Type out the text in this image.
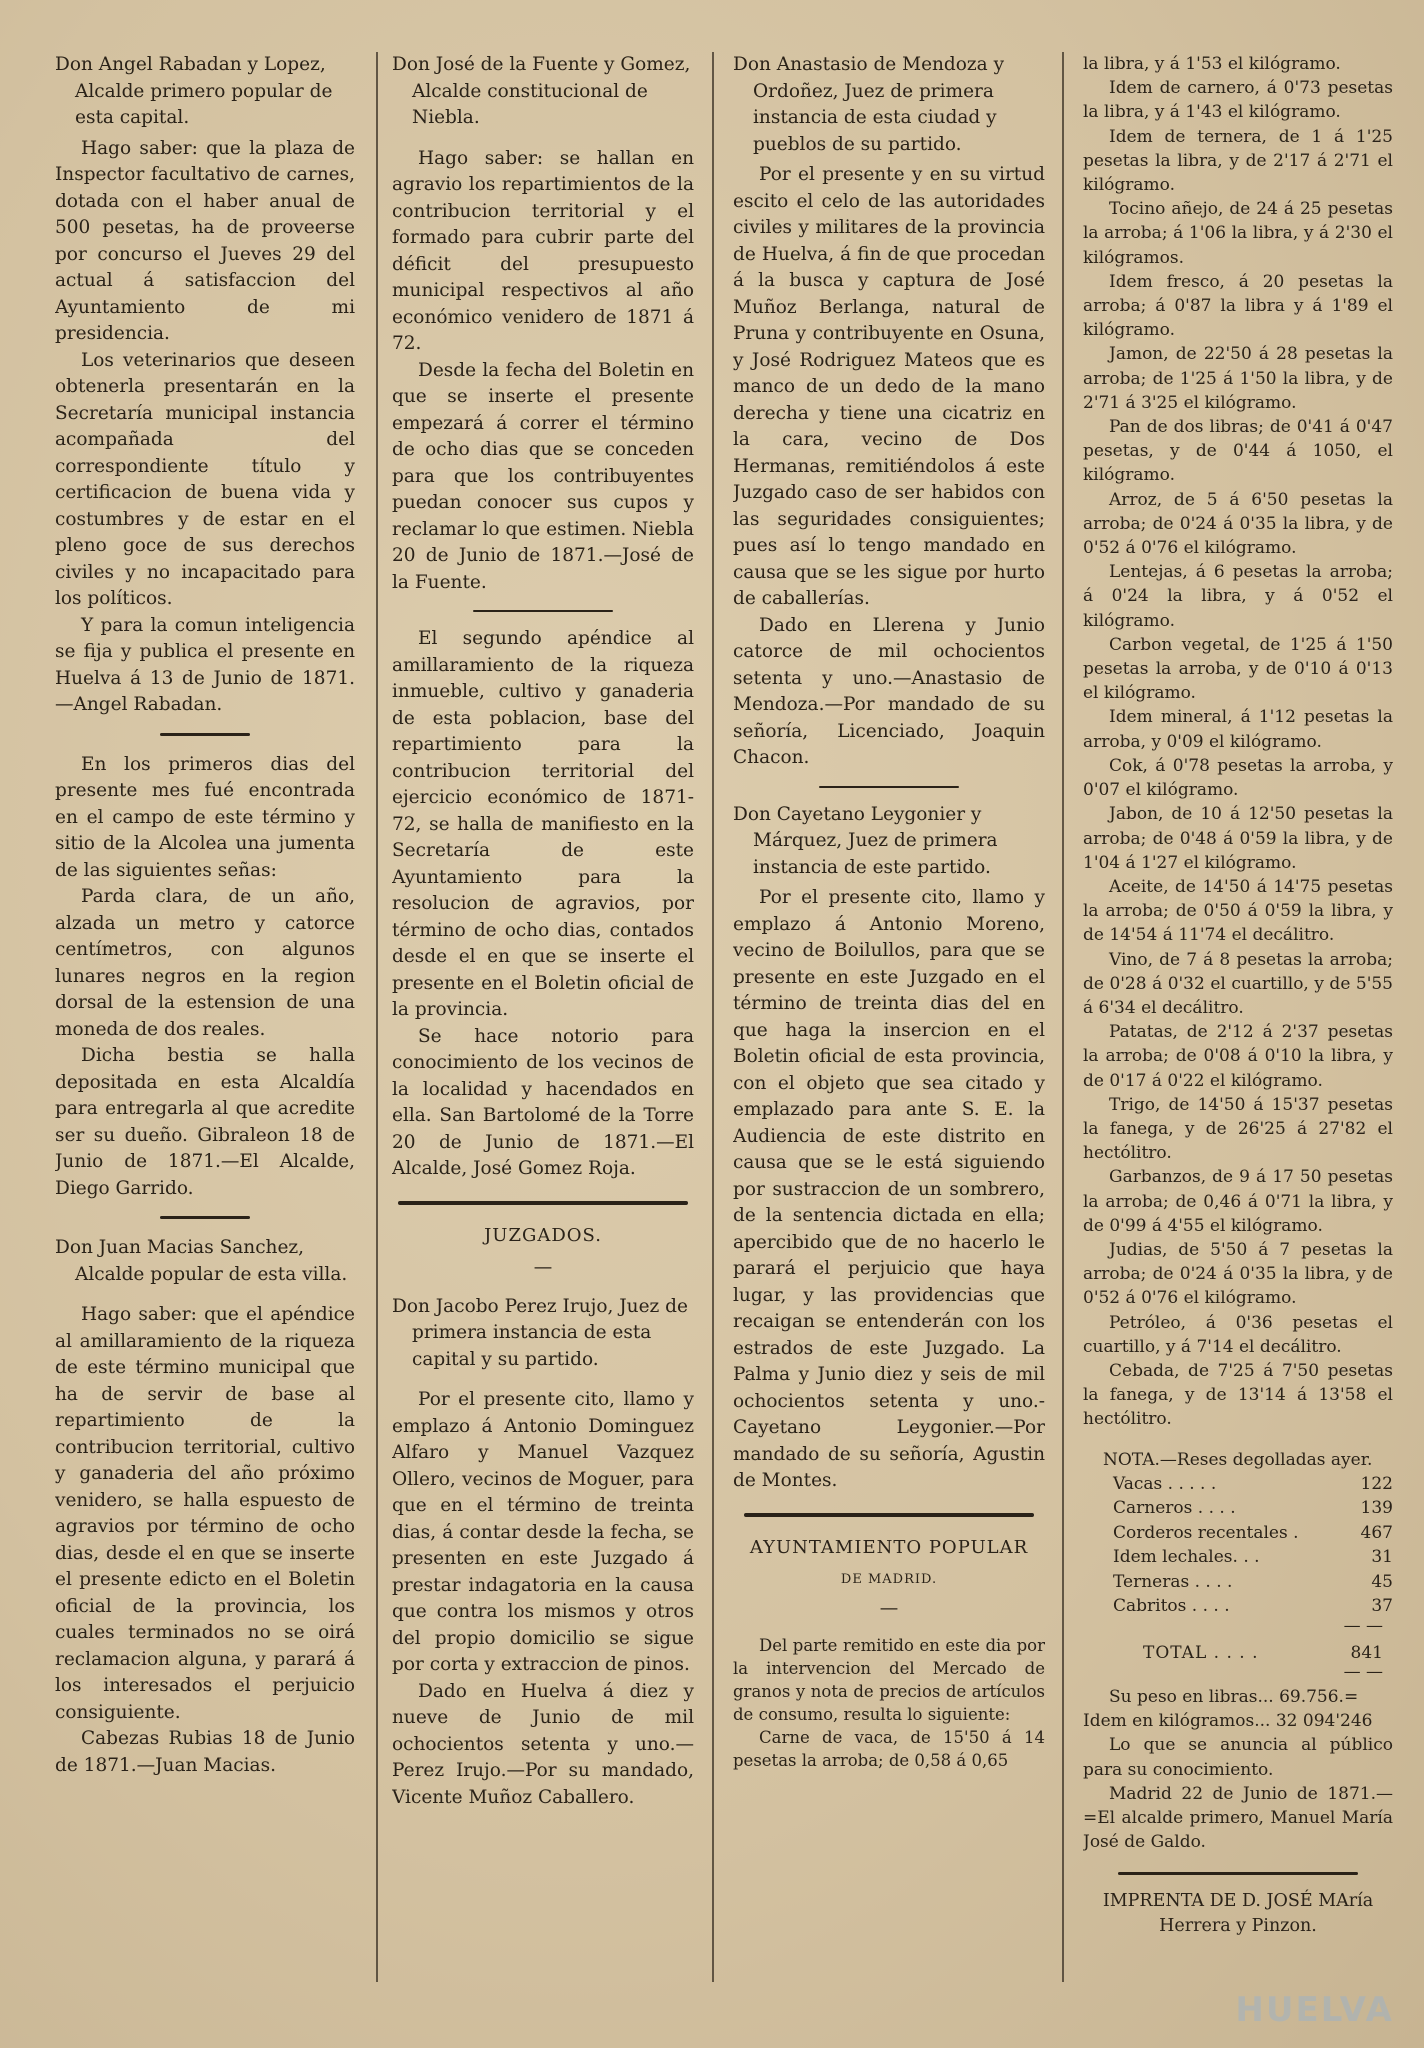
Don Angel Rabadan y Lopez, Alcalde primero popular de esta capital.

Hago saber: que la plaza de Inspector facultativo de carnes, dotada con el haber anual de 500 pesetas, ha de proveerse por concurso el Jueves 29 del actual á satisfaccion del Ayuntamiento de mi presidencia.

Los veterinarios que deseen obtenerla presentarán en la Secretaría municipal instancia acompañada del correspondiente título y certificacion de buena vida y costumbres y de estar en el pleno goce de sus derechos civiles y no incapacitado para los políticos.

Y para la comun inteligencia se fija y publica el presente en Huelva á 13 de Junio de 1871.—Angel Rabadan.

En los primeros dias del presente mes fué encontrada en el campo de este término y sitio de la Alcolea una jumenta de las siguientes señas:

Parda clara, de un año, alzada un metro y catorce centímetros, con algunos lunares negros en la region dorsal de la estension de una moneda de dos reales.

Dicha bestia se halla depositada en esta Alcaldía para entregarla al que acredite ser su dueño. Gibraleon 18 de Junio de 1871.—El Alcalde, Diego Garrido.

Don Juan Macias Sanchez, Alcalde popular de esta villa.

Hago saber: que el apéndice al amillaramiento de la riqueza de este término municipal que ha de servir de base al repartimiento de la contribucion territorial, cultivo y ganaderia del año próximo venidero, se halla espuesto de agravios por término de ocho dias, desde el en que se inserte el presente edicto en el Boletin oficial de la provincia, los cuales terminados no se oirá reclamacion alguna, y parará á los interesados el perjuicio consiguiente.

Cabezas Rubias 18 de Junio de 1871.—Juan Macias.

Don José de la Fuente y Gomez, Alcalde constitucional de Niebla.

Hago saber: se hallan en agravio los repartimientos de la contribucion territorial y el formado para cubrir parte del déficit del presupuesto municipal respectivos al año económico venidero de 1871 á 72.

Desde la fecha del Boletin en que se inserte el presente empezará á correr el término de ocho dias que se conceden para que los contribuyentes puedan conocer sus cupos y reclamar lo que estimen. Niebla 20 de Junio de 1871.—José de la Fuente.

El segundo apéndice al amillaramiento de la riqueza inmueble, cultivo y ganaderia de esta poblacion, base del repartimiento para la contribucion territorial del ejercicio económico de 1871-72, se halla de manifiesto en la Secretaría de este Ayuntamiento para la resolucion de agravios, por término de ocho dias, contados desde el en que se inserte el presente en el Boletin oficial de la provincia.

Se hace notorio para conocimiento de los vecinos de la localidad y hacendados en ella. San Bartolomé de la Torre 20 de Junio de 1871.—El Alcalde, José Gomez Roja.

JUZGADOS.
—
Don Jacobo Perez Irujo, Juez de primera instancia de esta capital y su partido.

Por el presente cito, llamo y emplazo á Antonio Dominguez Alfaro y Manuel Vazquez Ollero, vecinos de Moguer, para que en el término de treinta dias, á contar desde la fecha, se presenten en este Juzgado á prestar indagatoria en la causa que contra los mismos y otros del propio domicilio se sigue por corta y extraccion de pinos.

Dado en Huelva á diez y nueve de Junio de mil ochocientos setenta y uno.—Perez Irujo.—Por su mandado, Vicente Muñoz Caballero.

Don Anastasio de Mendoza y Ordoñez, Juez de primera instancia de esta ciudad y pueblos de su partido.

Por el presente y en su virtud escito el celo de las autoridades civiles y militares de la provincia de Huelva, á fin de que procedan á la busca y captura de José Muñoz Berlanga, natural de Pruna y contribuyente en Osuna, y José Rodriguez Mateos que es manco de un dedo de la mano derecha y tiene una cicatriz en la cara, vecino de Dos Hermanas, remitiéndolos á este Juzgado caso de ser habidos con las seguridades consiguientes; pues así lo tengo mandado en causa que se les sigue por hurto de caballerías.

Dado en Llerena y Junio catorce de mil ochocientos setenta y uno.—Anastasio de Mendoza.—Por mandado de su señoría, Licenciado, Joaquin Chacon.

Don Cayetano Leygonier y Márquez, Juez de primera instancia de este partido.

Por el presente cito, llamo y emplazo á Antonio Moreno, vecino de Boilullos, para que se presente en este Juzgado en el término de treinta dias del en que haga la insercion en el Boletin oficial de esta provincia, con el objeto que sea citado y emplazado para ante S. E. la Audiencia de este distrito en causa que se le está siguiendo por sustraccion de un sombrero, de la sentencia dictada en ella; apercibido que de no hacerlo le parará el perjuicio que haya lugar, y las providencias que recaigan se entenderán con los estrados de este Juzgado. La Palma y Junio diez y seis de mil ochocientos setenta y uno.-Cayetano Leygonier.—Por mandado de su señoría, Agustin de Montes.

AYUNTAMIENTO POPULAR
DE MADRID.
—

Del parte remitido en este dia por la intervencion del Mercado de granos y nota de precios de artículos de consumo, resulta lo siguiente:

Carne de vaca, de 15'50 á 14 pesetas la arroba; de 0,58 á 0,65

la libra, y á 1'53 el kilógramo.

Idem de carnero, á 0'73 pesetas la libra, y á 1'43 el kilógramo.

Idem de ternera, de 1 á 1'25 pesetas la libra, y de 2'17 á 2'71 el kilógramo.

Tocino añejo, de 24 á 25 pesetas la arroba; á 1'06 la libra, y á 2'30 el kilógramos.

Idem fresco, á 20 pesetas la arroba; á 0'87 la libra y á 1'89 el kilógramo.

Jamon, de 22'50 á 28 pesetas la arroba; de 1'25 á 1'50 la libra, y de 2'71 á 3'25 el kilógramo.

Pan de dos libras; de 0'41 á 0'47 pesetas, y de 0'44 á 1050, el kilógramo.

Arroz, de 5 á 6'50 pesetas la arroba; de 0'24 á 0'35 la libra, y de 0'52 á 0'76 el kilógramo.

Lentejas, á 6 pesetas la arroba; á 0'24 la libra, y á 0'52 el kilógramo.

Carbon vegetal, de 1'25 á 1'50 pesetas la arroba, y de 0'10 á 0'13 el kilógramo.

Idem mineral, á 1'12 pesetas la arroba, y 0'09 el kilógramo.

Cok, á 0'78 pesetas la arroba, y 0'07 el kilógramo.

Jabon, de 10 á 12'50 pesetas la arroba; de 0'48 á 0'59 la libra, y de 1'04 á 1'27 el kilógramo.

Aceite, de 14'50 á 14'75 pesetas la arroba; de 0'50 á 0'59 la libra, y de 14'54 á 11'74 el decálitro.

Vino, de 7 á 8 pesetas la arroba; de 0'28 á 0'32 el cuartillo, y de 5'55 á 6'34 el decálitro.

Patatas, de 2'12 á 2'37 pesetas la arroba; de 0'08 á 0'10 la libra, y de 0'17 á 0'22 el kilógramo.

Trigo, de 14'50 á 15'37 pesetas la fanega, y de 26'25 á 27'82 el hectólitro.

Garbanzos, de 9 á 17 50 pesetas la arroba; de 0,46 á 0'71 la libra, y de 0'99 á 4'55 el kilógramo.

Judias, de 5'50 á 7 pesetas la arroba; de 0'24 á 0'35 la libra, y de 0'52 á 0'76 el kilógramo.

Petróleo, á 0'36 pesetas el cuartillo, y á 7'14 el decálitro.

Cebada, de 7'25 á 7'50 pesetas la fanega, y de 13'14 á 13'58 el hectólitro.

NOTA.—Reses degolladas ayer.
Vacas . . . . .	122
Carneros . . . .	139
Corderos recentales .	467
Idem lechales. . .	31
Terneras . . . .	45
Cabritos . . . .	37
— —
TOTAL . . . .	841
— —

Su peso en libras... 69.756.=

Idem en kilógramos... 32 094'246

Lo que se anuncia al público para su conocimiento.

Madrid 22 de Junio de 1871.—=El alcalde primero, Manuel María José de Galdo.

IMPRENTA DE D. JOSÉ MAría Herrera y Pinzon.
HUELVA
